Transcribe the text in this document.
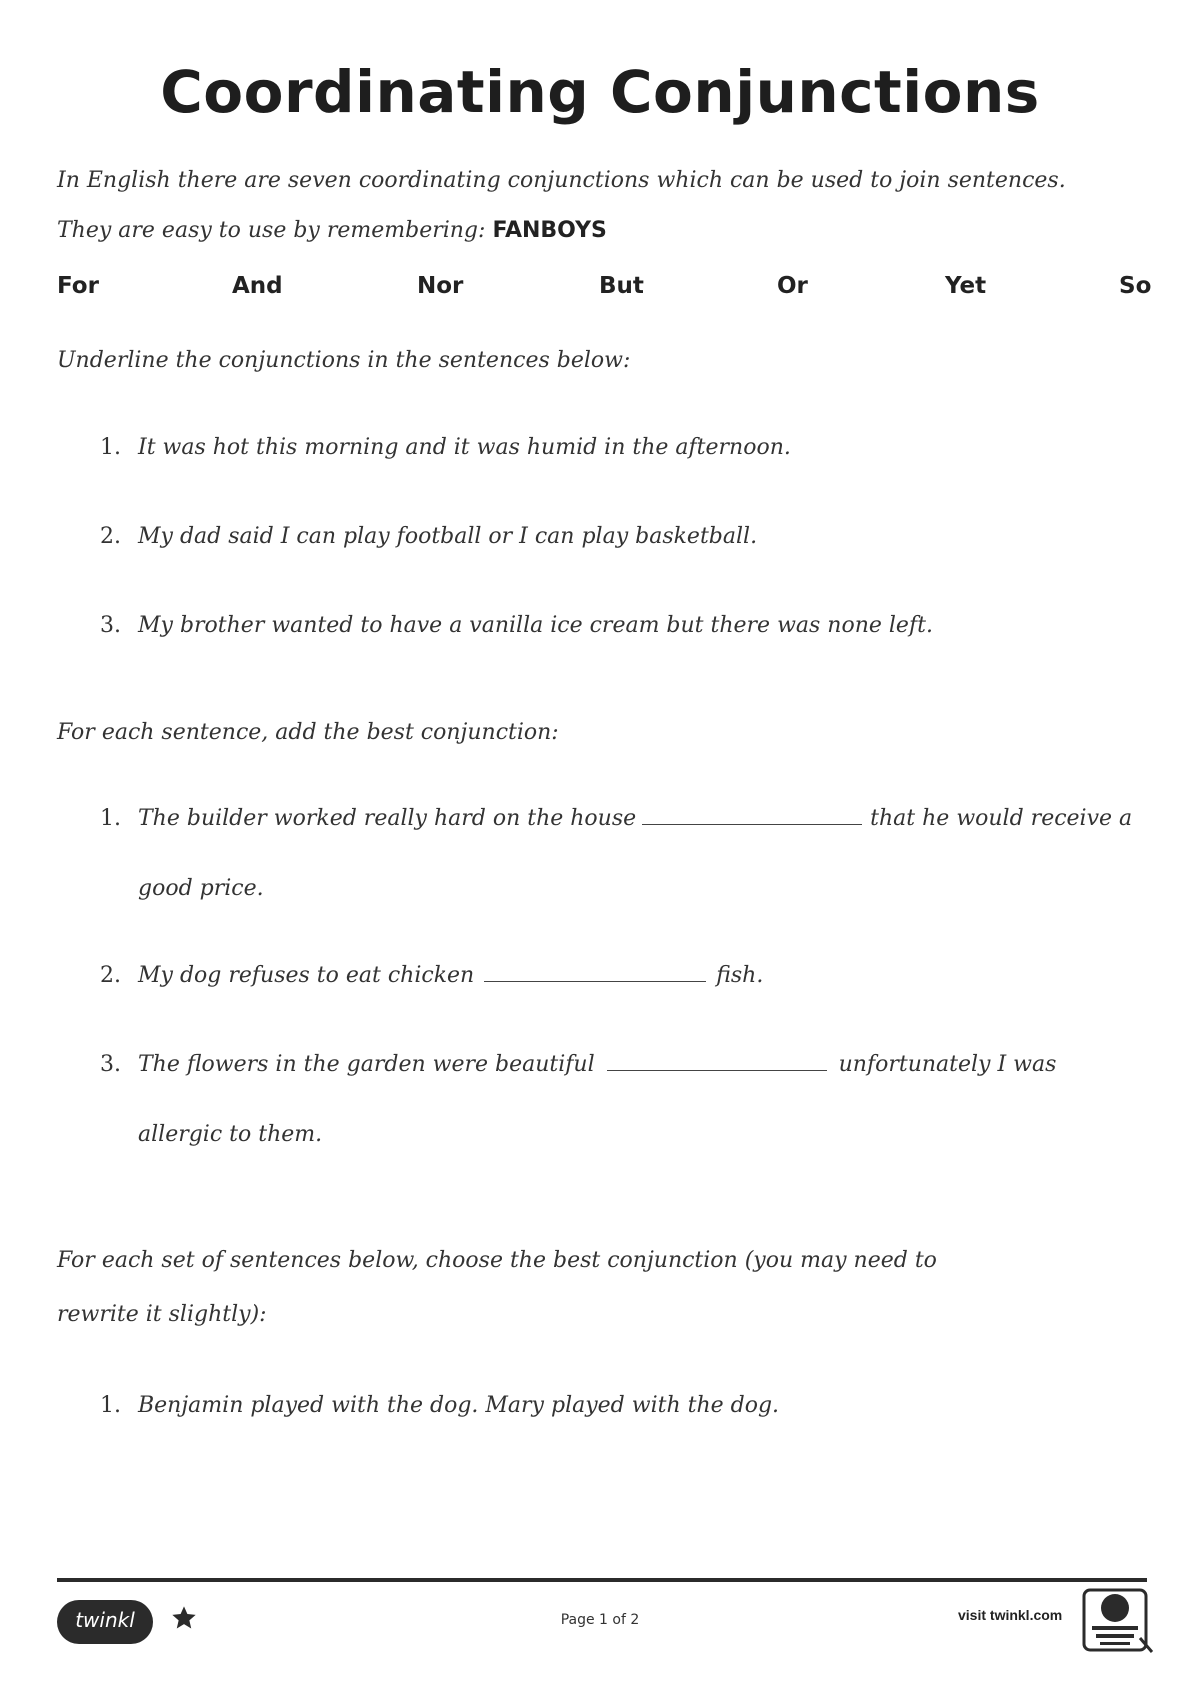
Coordinating Conjunctions
In English there are seven coordinating conjunctions which can be used to join sentences.
They are easy to use by remembering: FANBOYS
For	And	Nor	But	Or	Yet	So
Underline the conjunctions in the sentences below:
1. It was hot this morning and it was humid in the afternoon.
2. My dad said I can play football or I can play basketball.
3. My brother wanted to have a vanilla ice cream but there was none left.
For each sentence, add the best conjunction:
1. The builder worked really hard on the house	that he would receive a
good price.
2. My dog refuses to eat chicken	fish.
3. The flowers in the garden were beautiful	unfortunately I was
allergic to them.
For each set of sentences below, choose the best conjunction (you may need to
rewrite it slightly):
1. Benjamin played with the dog. Mary played with the dog.
twinkl	Page 1 of 2	visit twinkl.com
